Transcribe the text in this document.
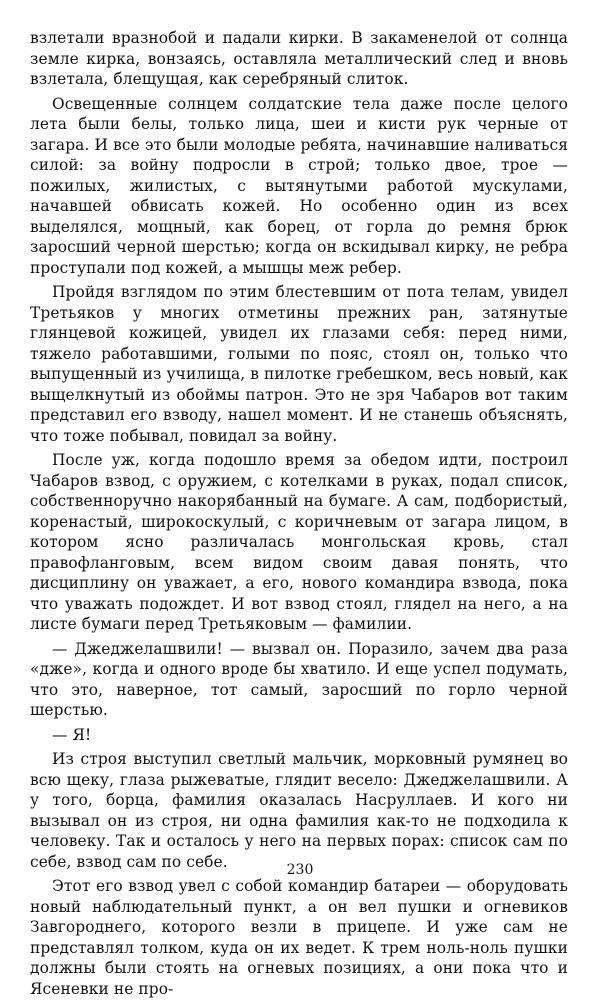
взлетали вразнобой и падали кирки. В закаменелой от солнца земле кирка, вонзаясь, оставляла металлический след и вновь взлетала, блещущая, как серебряный слиток.

Освещенные солнцем солдатские тела даже после целого лета были белы, только лица, шеи и кисти рук черные от загара. И все это были молодые ребята, начинавшие наливаться силой: за войну подросли в строй; только двое, трое — пожилых, жилистых, с вытянутыми работой мускулами, начавшей обвисать кожей. Но особенно один из всех выделялся, мощный, как борец, от горла до ремня брюк заросший черной шерстью; когда он вскидывал кирку, не ребра проступали под кожей, а мышцы меж ребер.

Пройдя взглядом по этим блестевшим от пота телам, увидел Третьяков у многих отметины прежних ран, затянутые глянцевой кожицей, увидел их глазами себя: перед ними, тяжело работавшими, голыми по пояс, стоял он, только что выпущенный из училища, в пилотке гребешком, весь новый, как выщелкнутый из обоймы патрон. Это не зря Чабаров вот таким представил его взводу, нашел момент. И не станешь объяснять, что тоже побывал, повидал за войну.

После уж, когда подошло время за обедом идти, построил Чабаров взвод, с оружием, с котелками в руках, подал список, собственноручно накорябанный на бумаге. А сам, подбористый, коренастый, широкоскулый, с коричневым от загара лицом, в котором ясно различалась монгольская кровь, стал правофланговым, всем видом своим давая понять, что дисциплину он уважает, а его, нового командира взвода, пока что уважать подождет. И вот взвод стоял, глядел на него, а на листе бумаги перед Третьяковым — фамилии.

— Джеджелашвили! — вызвал он. Поразило, зачем два раза «дже», когда и одного вроде бы хватило. И еще успел подумать, что это, наверное, тот самый, заросший по горло черной шерстью.

— Я!

Из строя выступил светлый мальчик, морковный румянец во всю щеку, глаза рыжеватые, глядит весело: Джеджелашвили. А у того, борца, фамилия оказалась Насруллаев. И кого ни вызывал он из строя, ни одна фамилия как-то не подходила к человеку. Так и осталось у него на первых порах: список сам по себе, взвод сам по себе.

Этот его взвод увел с собой командир батареи — оборудовать новый наблюдательный пункт, а он вел пушки и огневиков Завгороднего, которого везли в прицепе. И уже сам не представлял толком, куда он их ведет. К трем ноль-ноль пушки должны были стоять на огневых позициях, а они пока что и Ясеневки не про-

230
